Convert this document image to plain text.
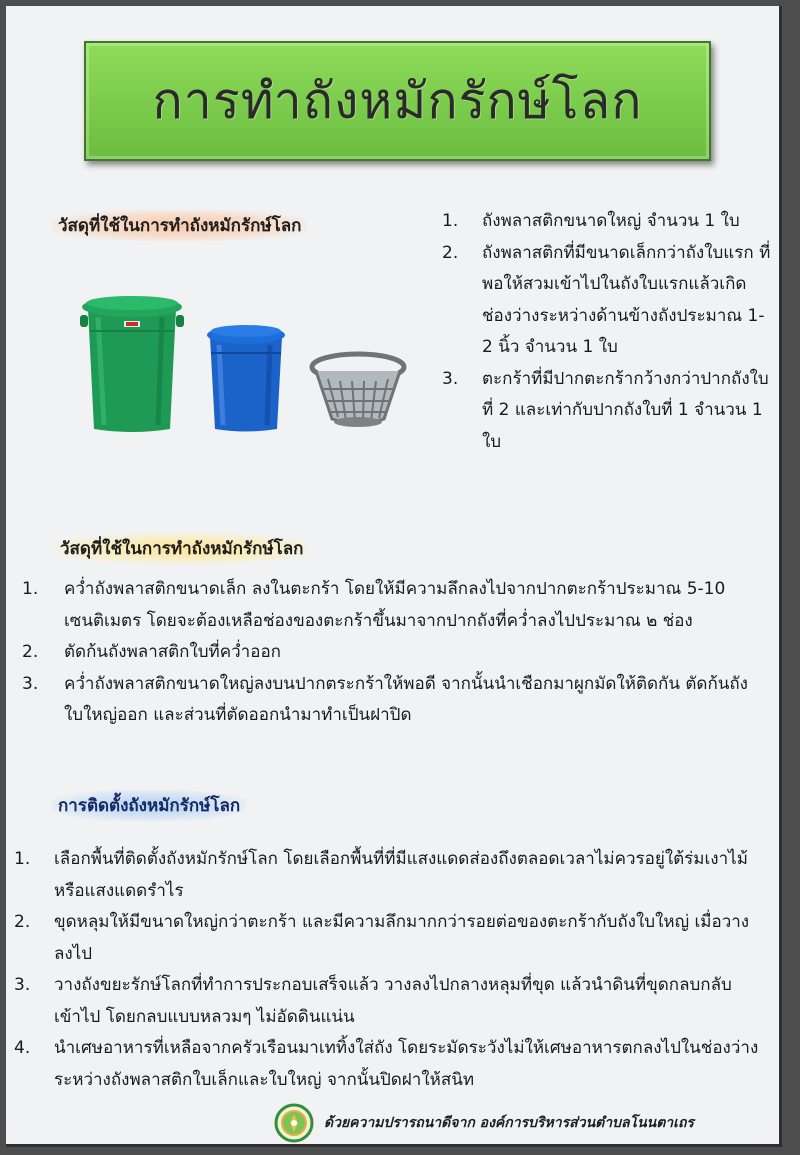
การทำถังหมักรักษ์โลก
วัสดุที่ใช้ในการทำถังหมักรักษ์โลก	1.	ถังพลาสติกขนาดใหญ่ จำนวน 1 ใบ
2.	ถังพลาสติกที่มีขนาดเล็กกว่าถังใบแรก ที่พอให้สวมเข้าไปในถังใบแรกแล้วเกิดช่องว่างระหว่างด้านข้างถังประมาณ 1-2 นิ้ว จำนวน 1 ใบ
3.	ตะกร้าที่มีปากตะกร้ากว้างกว่าปากถังใบที่ 2 และเท่ากับปากถังใบที่ 1 จำนวน 1 ใบ
วัสดุที่ใช้ในการทำถังหมักรักษ์โลก
1.	คว่ำถังพลาสติกขนาดเล็ก ลงในตะกร้า โดยให้มีความลึกลงไปจากปากตะกร้าประมาณ 5-10 เซนติเมตร โดยจะต้องเหลือช่องของตะกร้าขึ้นมาจากปากถังที่คว่ำลงไปประมาณ ๒ ช่อง
2.	ตัดก้นถังพลาสติกใบที่คว่ำออก
3.	คว่ำถังพลาสติกขนาดใหญ่ลงบนปากตระกร้าให้พอดี จากนั้นนำเชือกมาผูกมัดให้ติดกัน ตัดก้นถังใบใหญ่ออก และส่วนที่ตัดออกนำมาทำเป็นฝาปิด
การติดตั้งถังหมักรักษ์โลก
1.	เลือกพื้นที่ติดตั้งถังหมักรักษ์โลก โดยเลือกพื้นที่ที่มีแสงแดดส่องถึงตลอดเวลาไม่ควรอยู่ใต้ร่มเงาไม้ หรือแสงแดดรำไร
2.	ขุดหลุมให้มีขนาดใหญ่กว่าตะกร้า และมีความลึกมากกว่ารอยต่อของตะกร้ากับถังใบใหญ่ เมื่อวางลงไป
3.	วางถังขยะรักษ์โลกที่ทำการประกอบเสร็จแล้ว วางลงไปกลางหลุมที่ขุด แล้วนำดินที่ขุดกลบกลับเข้าไป โดยกลบแบบหลวมๆ ไม่อัดดินแน่น
4.	นำเศษอาหารที่เหลือจากครัวเรือนมาเททิ้งใส่ถัง โดยระมัดระวังไม่ให้เศษอาหารตกลงไปในช่องว่างระหว่างถังพลาสติกใบเล็กและใบใหญ่ จากนั้นปิดฝาให้สนิท
ด้วยความปรารถนาดีจาก องค์การบริหารส่วนตำบลโนนตาเถร
